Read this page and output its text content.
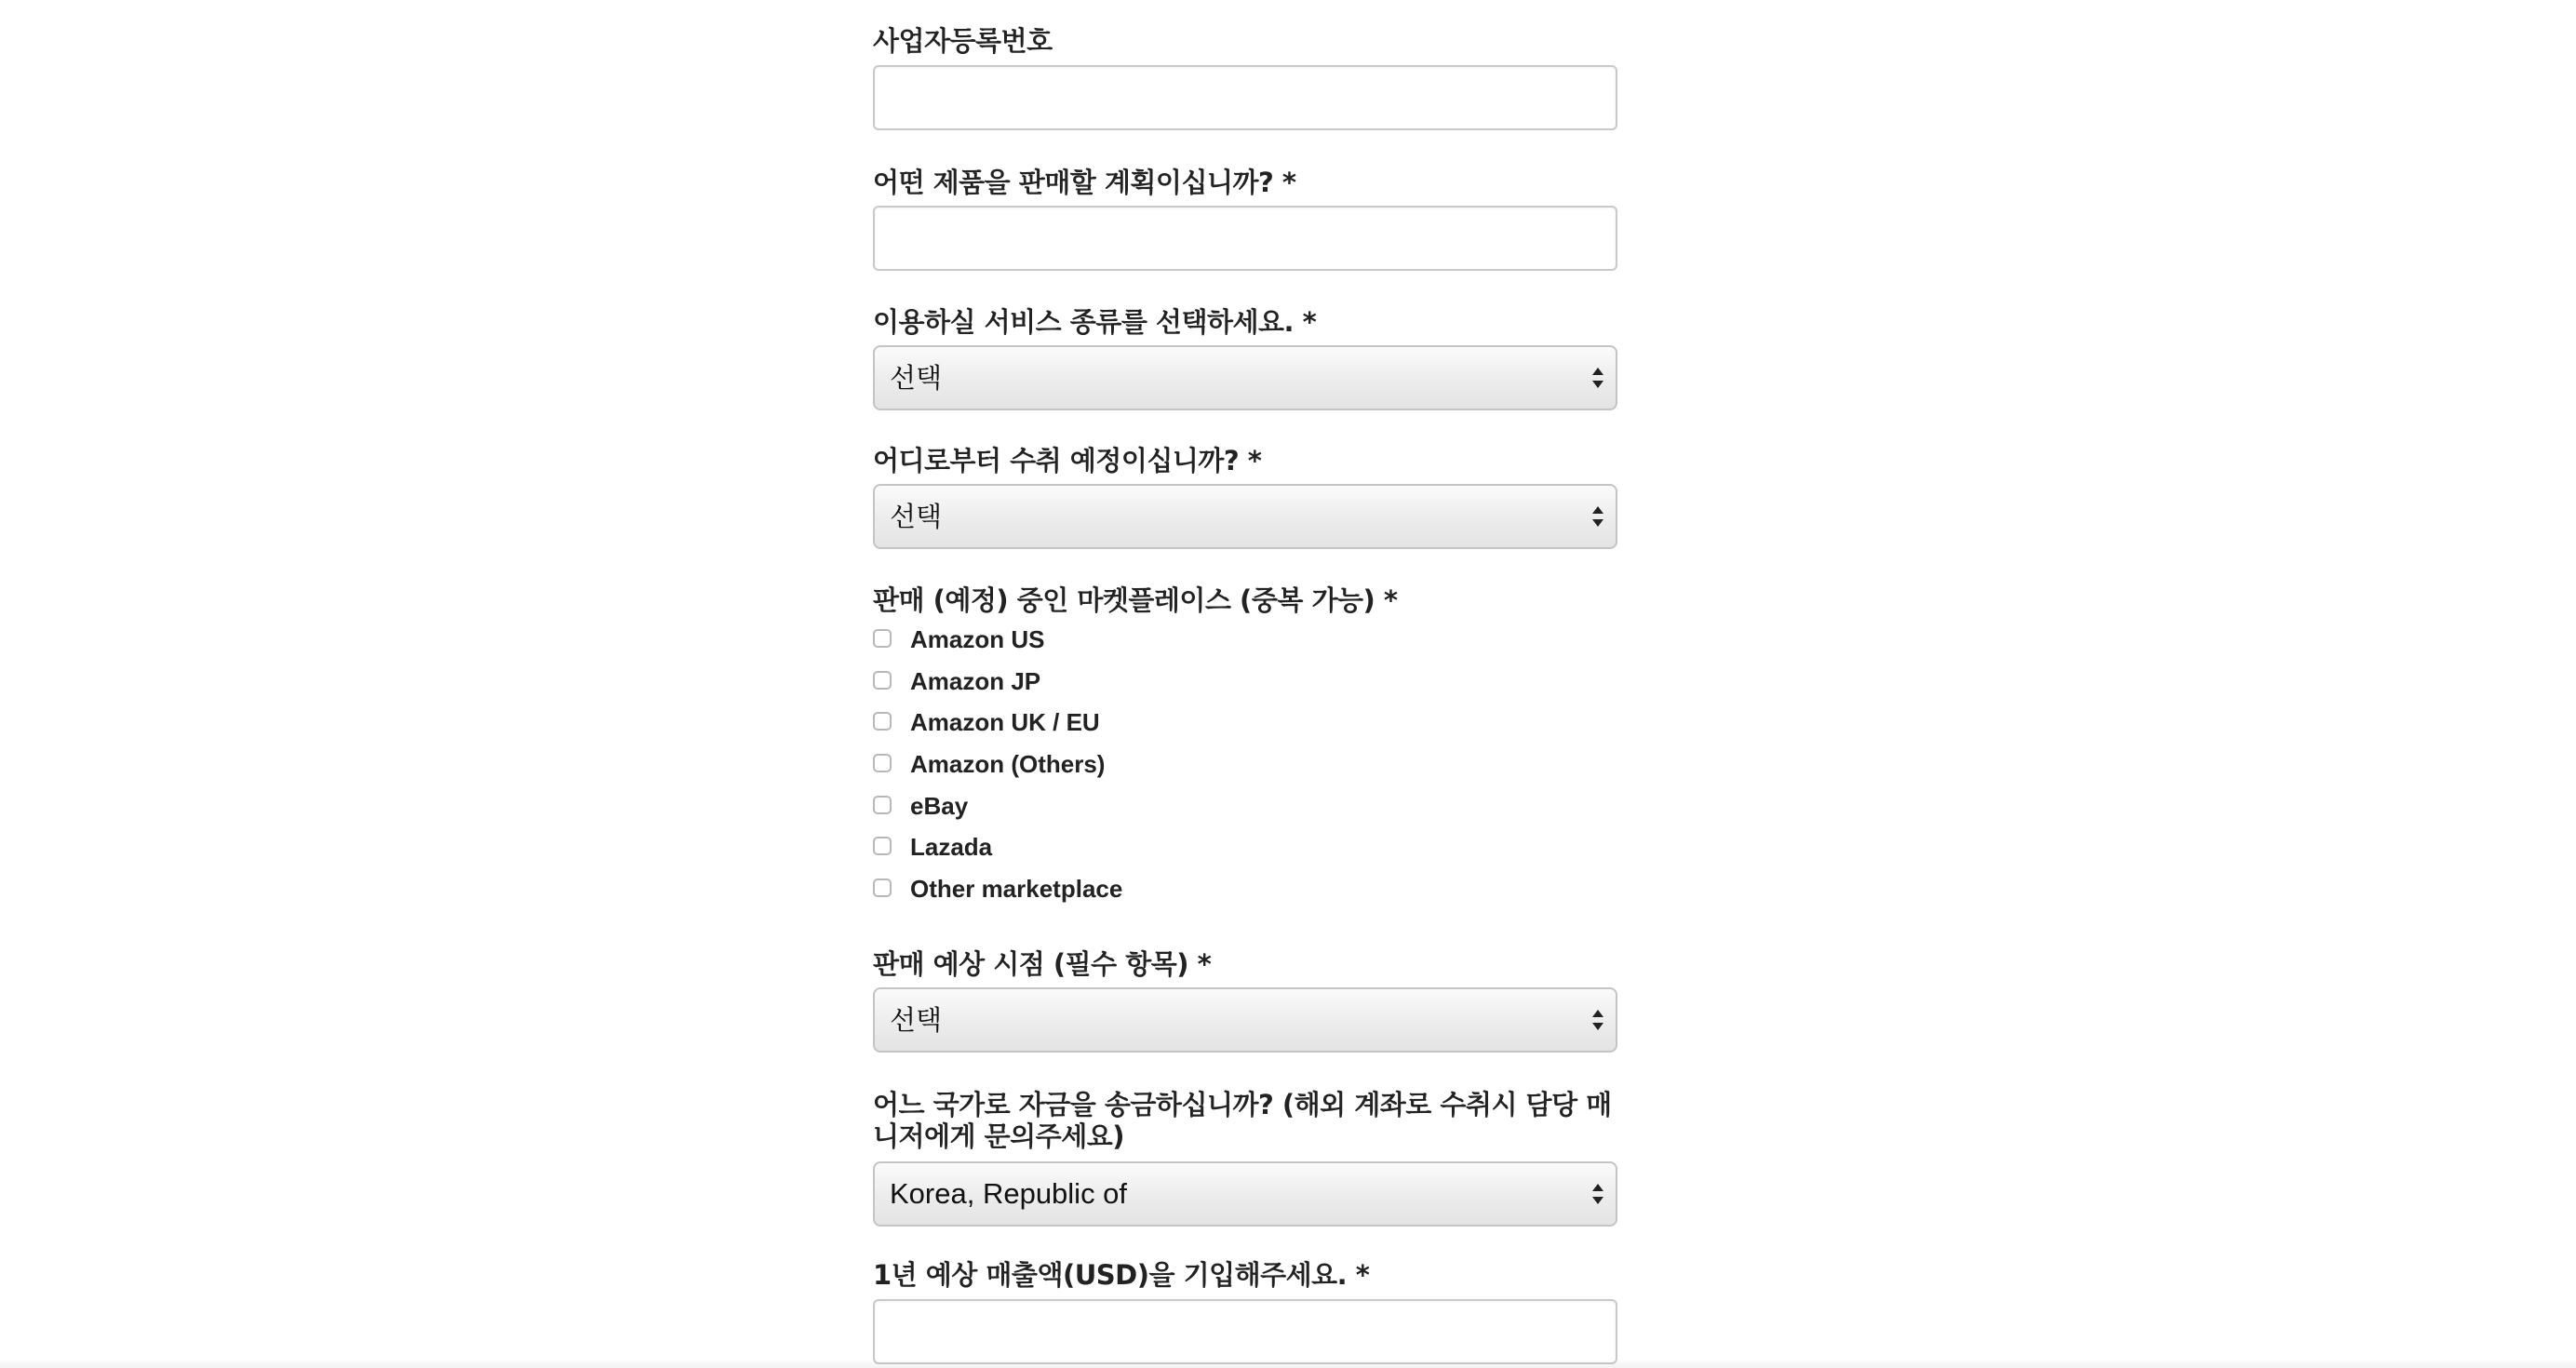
사업자등록번호
어떤 제품을 판매할 계획이십니까? *
이용하실 서비스 종류를 선택하세요. *
선택
어디로부터 수취 예정이십니까? *
선택
판매 (예정) 중인 마켓플레이스 (중복 가능) *
Amazon US
Amazon JP
Amazon UK / EU
Amazon (Others)
eBay
Lazada
Other marketplace
판매 예상 시점 (필수 항목) *
선택
어느 국가로 자금을 송금하십니까? (해외 계좌로 수취시 담당 매니저에게 문의주세요)
Korea, Republic of
1년 예상 매출액(USD)을 기입해주세요. *
